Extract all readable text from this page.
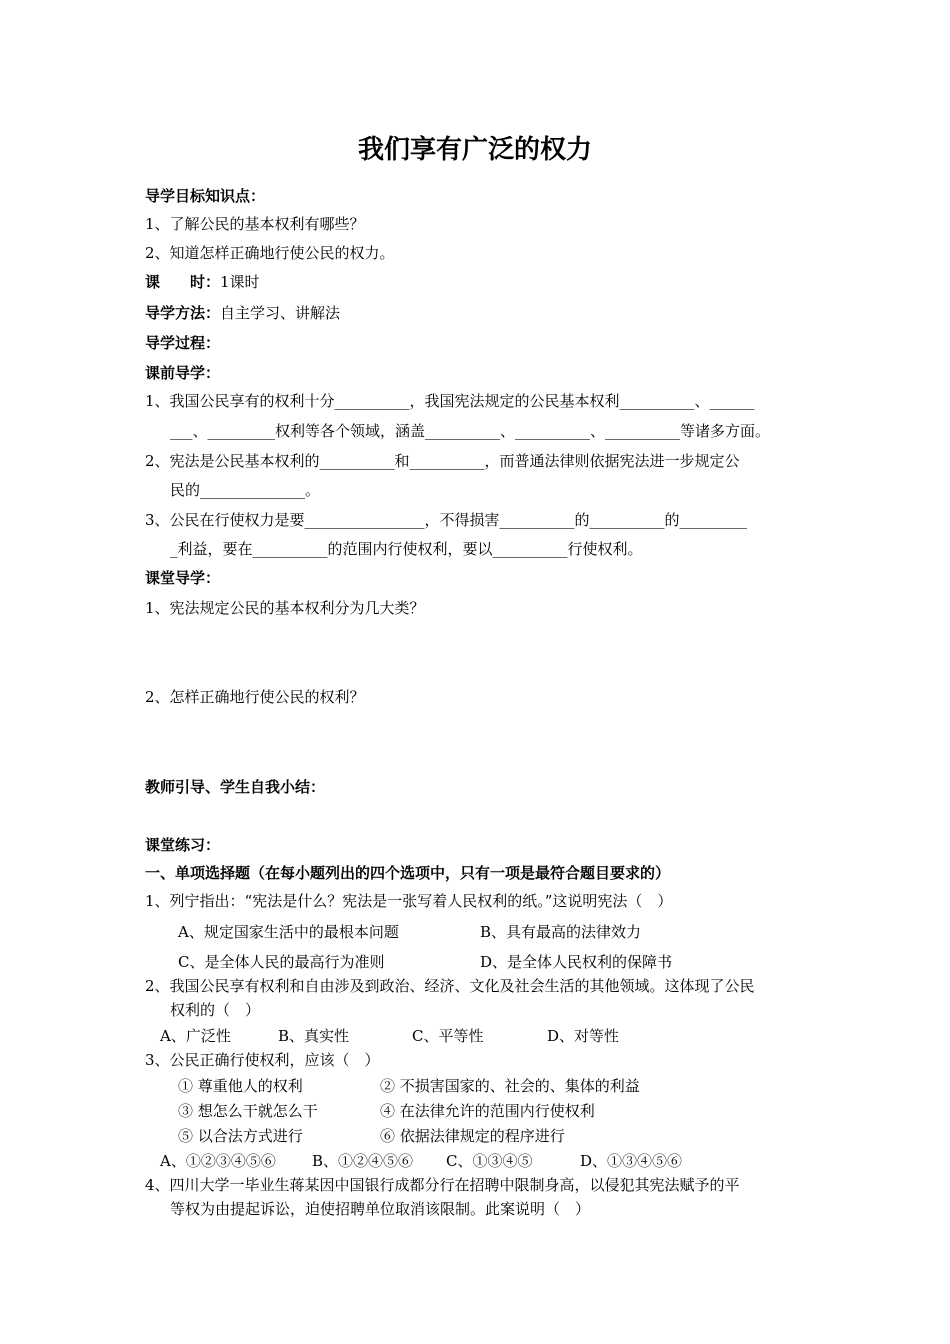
我们享有广泛的权力
导学目标知识点：
1、了解公民的基本权利有哪些？
2、知道怎样正确地行使公民的权力。
课　　时：1课时
导学方法：自主学习、讲解法
导学过程：
课前导学：
1、我国公民享有的权利十分__________，我国宪法规定的公民基本权利__________、______
___、_________权利等各个领域，涵盖__________、__________、__________等诸多方面。
2、宪法是公民基本权利的__________和__________，而普通法律则依据宪法进一步规定公
民的______________。
3、公民在行使权力是要________________，不得损害__________的__________的_________
_利益，要在__________的范围内行使权利，要以__________行使权利。
课堂导学：
1、宪法规定公民的基本权利分为几大类？
2、怎样正确地行使公民的权利？
教师引导、学生自我小结：
课堂练习：
一、单项选择题（在每小题列出的四个选项中，只有一项是最符合题目要求的）
1、列宁指出：“宪法是什么？宪法是一张写着人民权利的纸。”这说明宪法（　）
A、规定国家生活中的最根本问题	B、具有最高的法律效力
C、是全体人民的最高行为准则	D、是全体人民权利的保障书
2、我国公民享有权利和自由涉及到政治、经济、文化及社会生活的其他领域。这体现了公民
权利的（　）
A、广泛性	B、真实性	C、平等性	D、对等性
3、公民正确行使权利，应该（　）
① 尊重他人的权利	② 不损害国家的、社会的、集体的利益
③ 想怎么干就怎么干	④ 在法律允许的范围内行使权利
⑤ 以合法方式进行	⑥ 依据法律规定的程序进行
A、①②③④⑤⑥ B、①②④⑤⑥ C、①③④⑤	D、①③④⑤⑥
4、四川大学一毕业生蒋某因中国银行成都分行在招聘中限制身高，以侵犯其宪法赋予的平
等权为由提起诉讼，迫使招聘单位取消该限制。此案说明（　）
